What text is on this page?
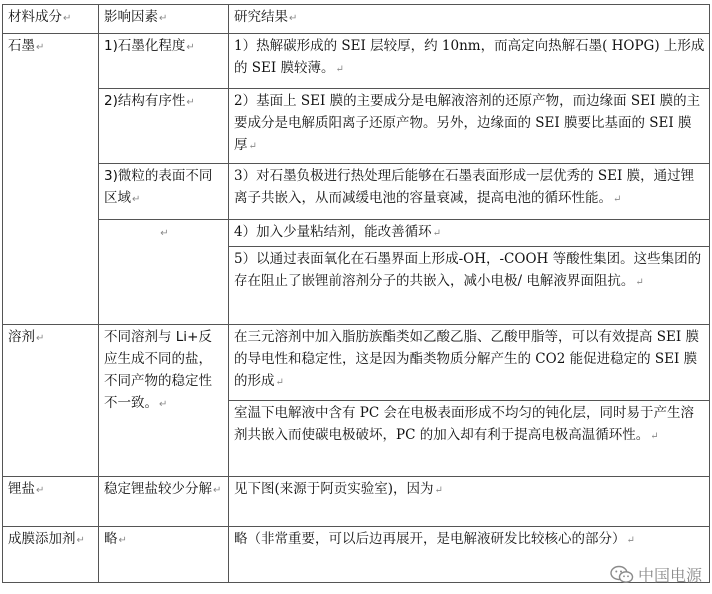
材料成分↵	影响因素↵	研究结果↵
石墨↵	1)石墨化程度↵	1）热解碳形成的 SEI 层较厚，约 10nm，而高定向热解石墨( HOPG) 上形成的 SEI 膜较薄。↵
	2)结构有序性↵	2）基面上 SEI 膜的主要成分是电解液溶剂的还原产物，而边缘面 SEI 膜的主要成分是电解质阳离子还原产物。另外，边缘面的 SEI 膜要比基面的 SEI 膜厚↵
	3)微粒的表面不同区域↵	3）对石墨负极进行热处理后能够在石墨表面形成一层优秀的 SEI 膜，通过锂离子共嵌入，从而减缓电池的容量衰减，提高电池的循环性能。↵
	↵	4）加入少量粘结剂，能改善循环↵
		5）以通过表面氧化在石墨界面上形成-OH，-COOH 等酸性集团。这些集团的存在阻止了嵌锂前溶剂分子的共嵌入，减小电极/ 电解液界面阻抗。↵
溶剂↵	不同溶剂与 Li+反应生成不同的盐，不同产物的稳定性不一致。↵	在三元溶剂中加入脂肪族酯类如乙酸乙脂、乙酸甲脂等，可以有效提高 SEI 膜的导电性和稳定性，这是因为酯类物质分解产生的 CO2 能促进稳定的 SEI 膜的形成↵
		室温下电解液中含有 PC 会在电极表面形成不均匀的钝化层，同时易于产生溶剂共嵌入而使碳电极破坏，PC 的加入却有利于提高电极高温循环性。↵
锂盐↵	稳定锂盐较少分解↵	见下图(来源于阿贡实验室)，因为↵
成膜添加剂↵	略↵	略（非常重要，可以后边再展开，是电解液研发比较核心的部分）↵
中国电源
